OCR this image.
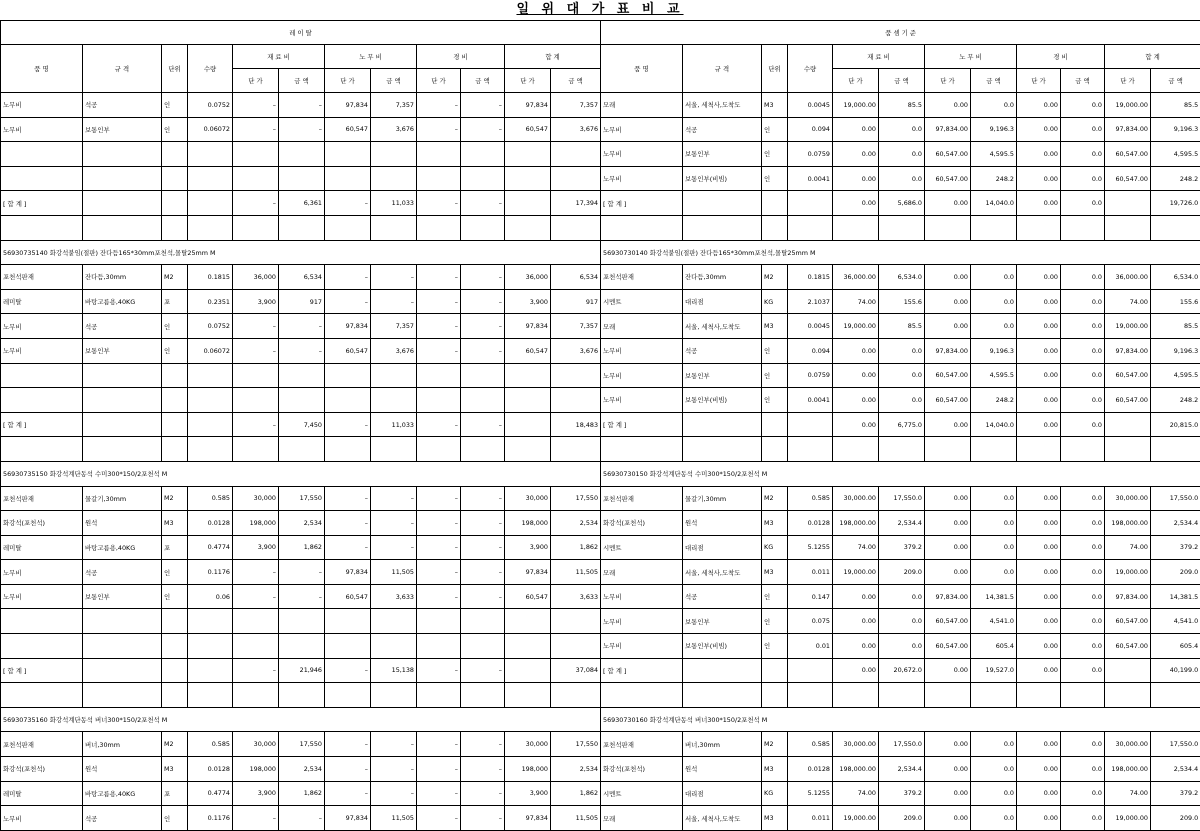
일 위 대 가 표 비 교
레 이 탈											
품 명	규 격	단위	수량	재 료 비		노 무 비		경 비		합 계	
				단 가	금 액	단 가	금 액	단 가	금 액	단 가	금 액
노무비	석공	인	0.0752	–	–	97,834	7,357	–	–	97,834	7,357
노무비	보통인부	인	0.06072	–	–	60,547	3,676	–	–	60,547	3,676

[ 합 계 ]				–	6,361	–	11,033	–	–		17,394

56930735140 화강석붙임(절판) 잔다듬165*30mm포천석,몰탈25mm M											
포천석판재	잔다듬,30mm	M2	0.1815	36,000	6,534	–	–	–	–	36,000	6,534
레미탈	바탕고름용,40KG	포	0.2351	3,900	917	–	–	–	–	3,900	917
노무비	석공	인	0.0752	–	–	97,834	7,357	–	–	97,834	7,357
노무비	보통인부	인	0.06072	–	–	60,547	3,676	–	–	60,547	3,676

[ 합 계 ]				–	7,450	–	11,033	–	–		18,483

56930735150 화강석계단동석 수미300*150/2포천석 M											
포천석판재	물갈기,30mm	M2	0.585	30,000	17,550	–	–	–	–	30,000	17,550
화강석(포천석)	원석	M3	0.0128	198,000	2,534	–	–	–	–	198,000	2,534
레미탈	바탕고름용,40KG	포	0.4774	3,900	1,862	–	–	–	–	3,900	1,862
노무비	석공	인	0.1176	–	–	97,834	11,505	–	–	97,834	11,505
노무비	보통인부	인	0.06	–	–	60,547	3,633	–	–	60,547	3,633

[ 합 계 ]				–	21,946	–	15,138	–	–		37,084

56930735160 화강석계단동석 버너300*150/2포천석 M											
포천석판재	버너,30mm	M2	0.585	30,000	17,550	–	–	–	–	30,000	17,550
화강석(포천석)	원석	M3	0.0128	198,000	2,534	–	–	–	–	198,000	2,534
레미탈	바탕고름용,40KG	포	0.4774	3,900	1,862	–	–	–	–	3,900	1,862
노무비	석공	인	0.1176	–	–	97,834	11,505	–	–	97,834	11,505
품 셈 기 준											
품 명	규 격	단위	수량	재 료 비		노 무 비		경 비		합 계	
				단 가	금 액	단 가	금 액	단 가	금 액	단 가	금 액
모래	서울, 세척사,도착도	M3	0.0045	19,000.00	85.5	0.00	0.0	0.00	0.0	19,000.00	85.5
노무비	석공	인	0.094	0.00	0.0	97,834.00	9,196.3	0.00	0.0	97,834.00	9,196.3
노무비	보통인부	인	0.0759	0.00	0.0	60,547.00	4,595.5	0.00	0.0	60,547.00	4,595.5
노무비	보통인부(비빔)	인	0.0041	0.00	0.0	60,547.00	248.2	0.00	0.0	60,547.00	248.2
[ 합 계 ]				0.00	5,686.0	0.00	14,040.0	0.00	0.0		19,726.0

56930730140 화강석붙임(절판) 잔다듬165*30mm포천석,몰탈25mm M											
포천석판재	잔다듬,30mm	M2	0.1815	36,000.00	6,534.0	0.00	0.0	0.00	0.0	36,000.00	6,534.0
시멘트	대리점	KG	2.1037	74.00	155.6	0.00	0.0	0.00	0.0	74.00	155.6
모래	서울, 세척사,도착도	M3	0.0045	19,000.00	85.5	0.00	0.0	0.00	0.0	19,000.00	85.5
노무비	석공	인	0.094	0.00	0.0	97,834.00	9,196.3	0.00	0.0	97,834.00	9,196.3
노무비	보통인부	인	0.0759	0.00	0.0	60,547.00	4,595.5	0.00	0.0	60,547.00	4,595.5
노무비	보통인부(비빔)	인	0.0041	0.00	0.0	60,547.00	248.2	0.00	0.0	60,547.00	248.2
[ 합 계 ]				0.00	6,775.0	0.00	14,040.0	0.00	0.0		20,815.0

56930730150 화강석계단동석 수미300*150/2포천석 M											
포천석판재	물갈기,30mm	M2	0.585	30,000.00	17,550.0	0.00	0.0	0.00	0.0	30,000.00	17,550.0
화강석(포천석)	원석	M3	0.0128	198,000.00	2,534.4	0.00	0.0	0.00	0.0	198,000.00	2,534.4
시멘트	대리점	KG	5.1255	74.00	379.2	0.00	0.0	0.00	0.0	74.00	379.2
모래	서울, 세척사,도착도	M3	0.011	19,000.00	209.0	0.00	0.0	0.00	0.0	19,000.00	209.0
노무비	석공	인	0.147	0.00	0.0	97,834.00	14,381.5	0.00	0.0	97,834.00	14,381.5
노무비	보통인부	인	0.075	0.00	0.0	60,547.00	4,541.0	0.00	0.0	60,547.00	4,541.0
노무비	보통인부(비빔)	인	0.01	0.00	0.0	60,547.00	605.4	0.00	0.0	60,547.00	605.4
[ 합 계 ]				0.00	20,672.0	0.00	19,527.0	0.00	0.0		40,199.0

56930730160 화강석계단동석 버너300*150/2포천석 M											
포천석판재	버너,30mm	M2	0.585	30,000.00	17,550.0	0.00	0.0	0.00	0.0	30,000.00	17,550.0
화강석(포천석)	원석	M3	0.0128	198,000.00	2,534.4	0.00	0.0	0.00	0.0	198,000.00	2,534.4
시멘트	대리점	KG	5.1255	74.00	379.2	0.00	0.0	0.00	0.0	74.00	379.2
모래	서울, 세척사,도착도	M3	0.011	19,000.00	209.0	0.00	0.0	0.00	0.0	19,000.00	209.0
